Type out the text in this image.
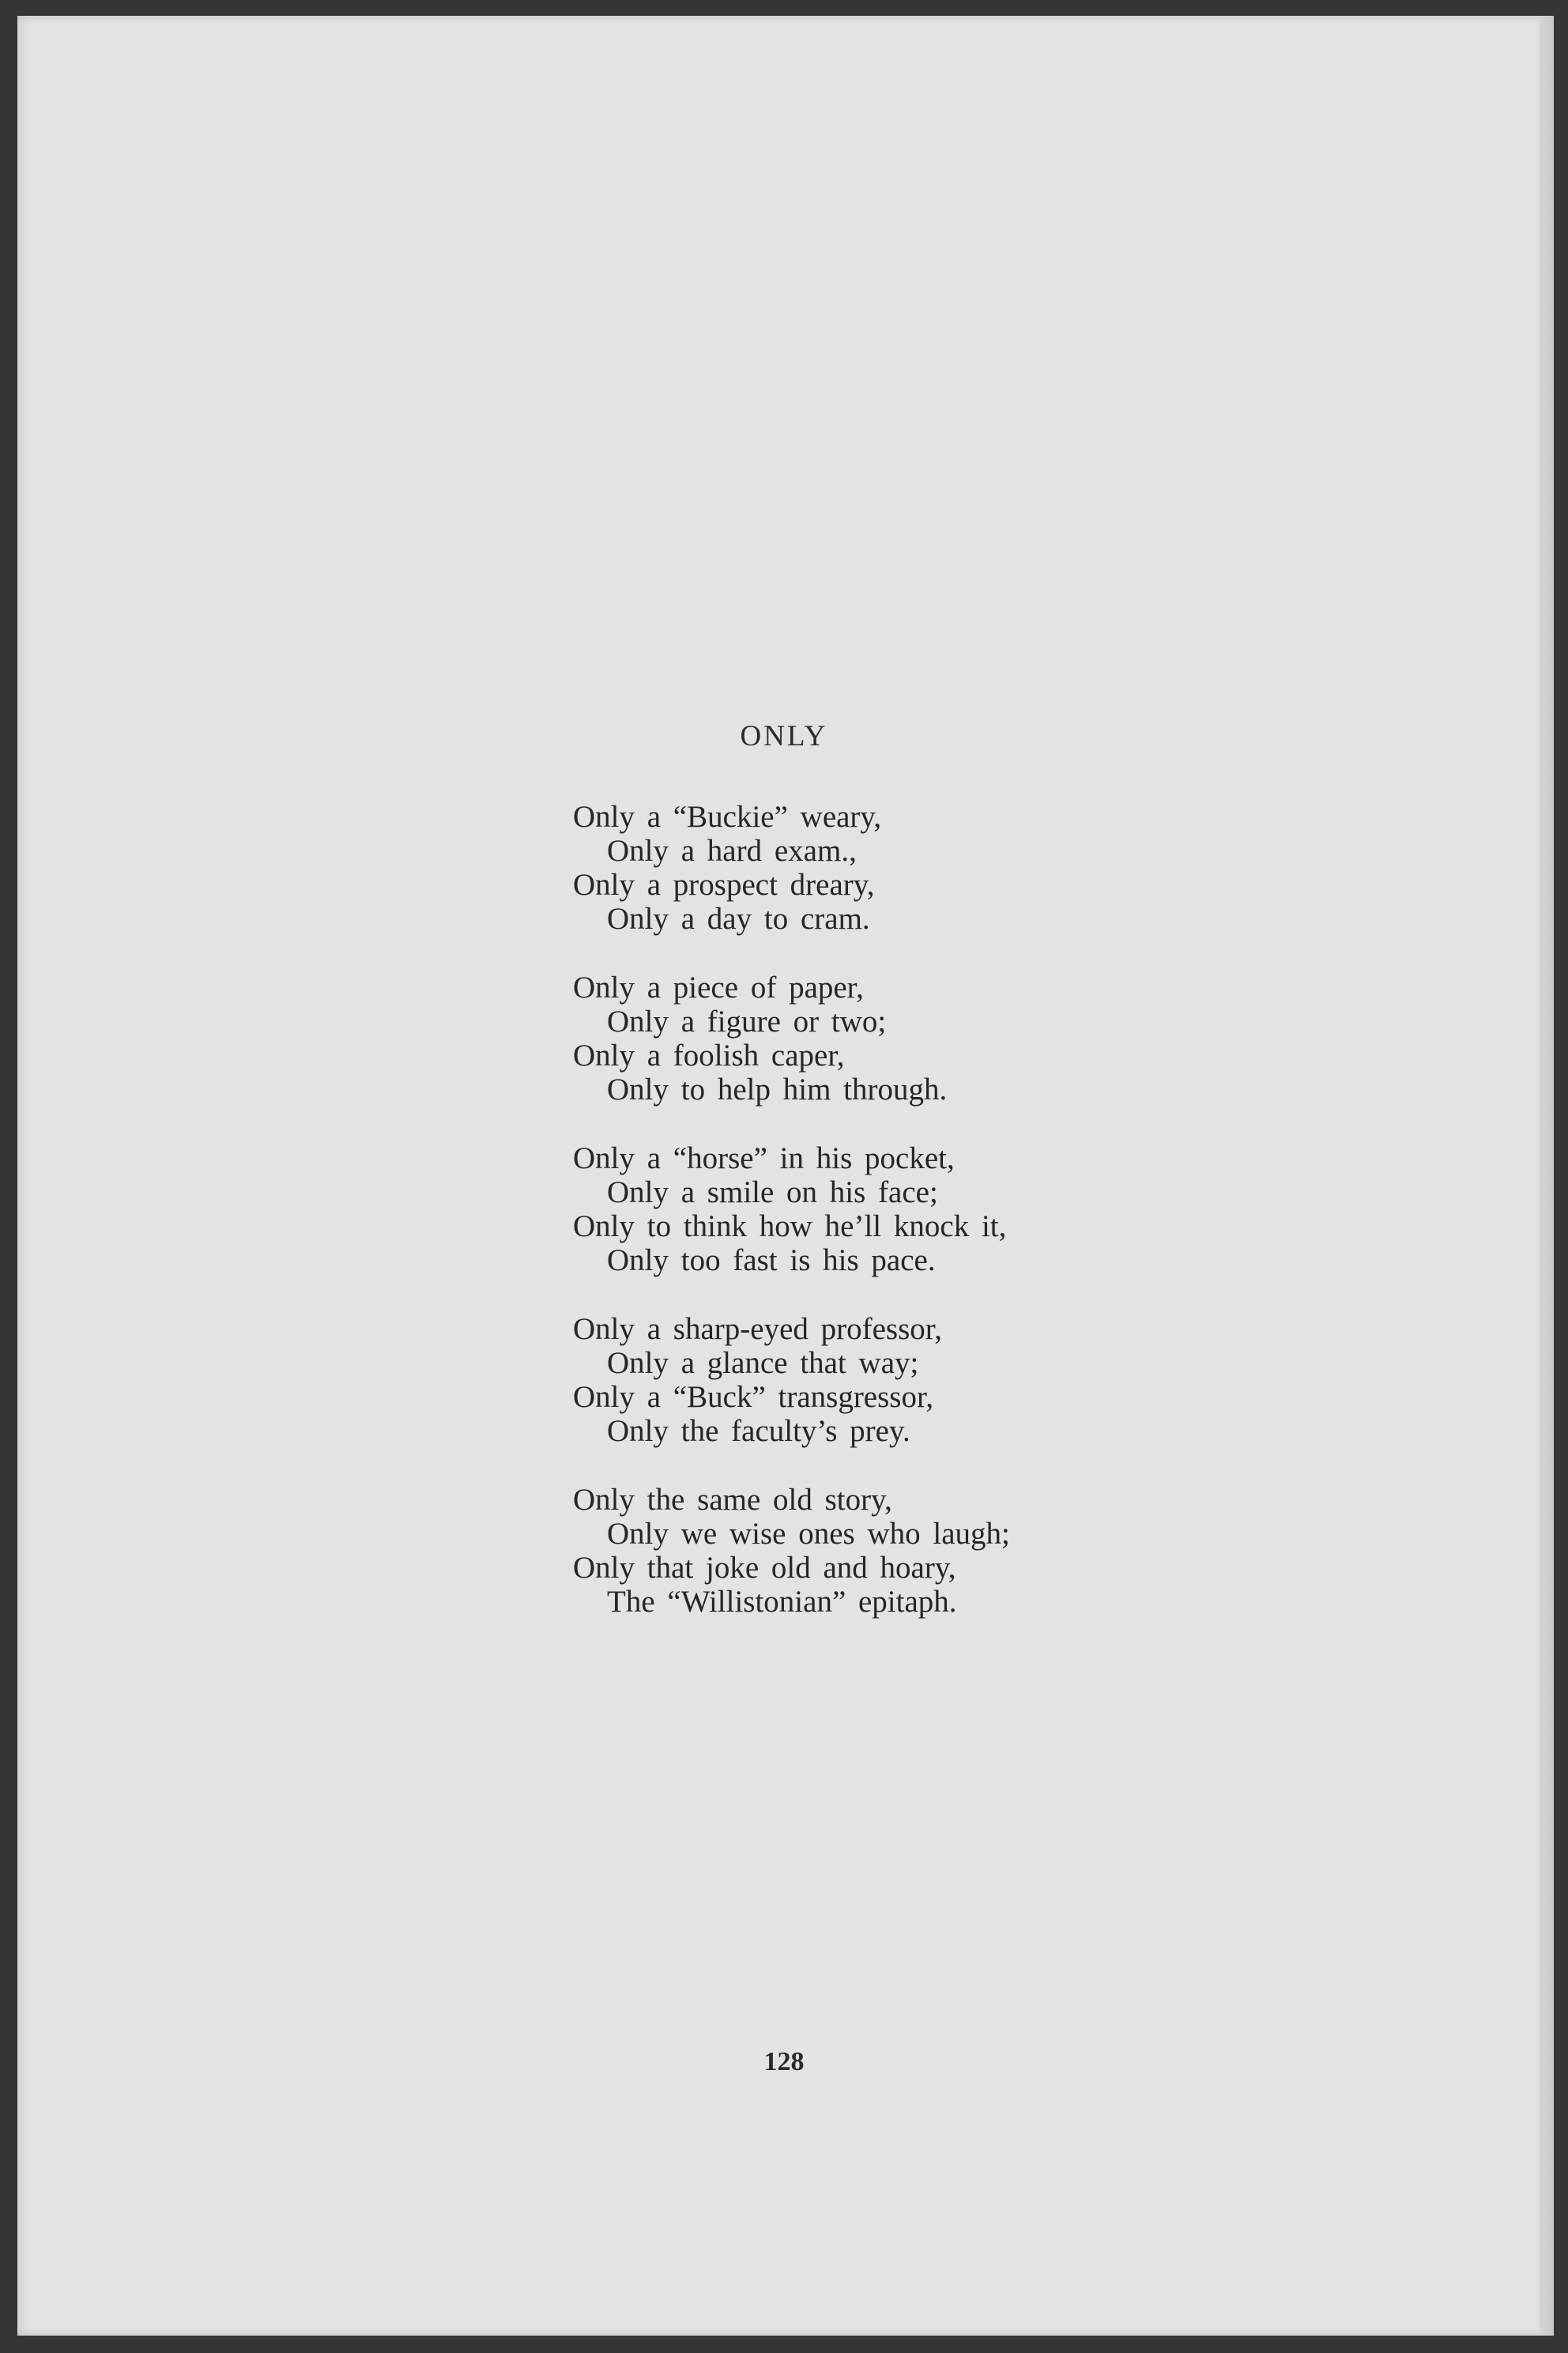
ONLY
Only a “Buckie” weary,
Only a hard exam.,
Only a prospect dreary,
Only a day to cram.
Only a piece of paper,
Only a figure or two;
Only a foolish caper,
Only to help him through.
Only a “horse” in his pocket,
Only a smile on his face;
Only to think how he’ll knock it,
Only too fast is his pace.
Only a sharp-eyed professor,
Only a glance that way;
Only a “Buck” transgressor,
Only the faculty’s prey.
Only the same old story,
Only we wise ones who laugh;
Only that joke old and hoary,
The “Willistonian” epitaph.
128
